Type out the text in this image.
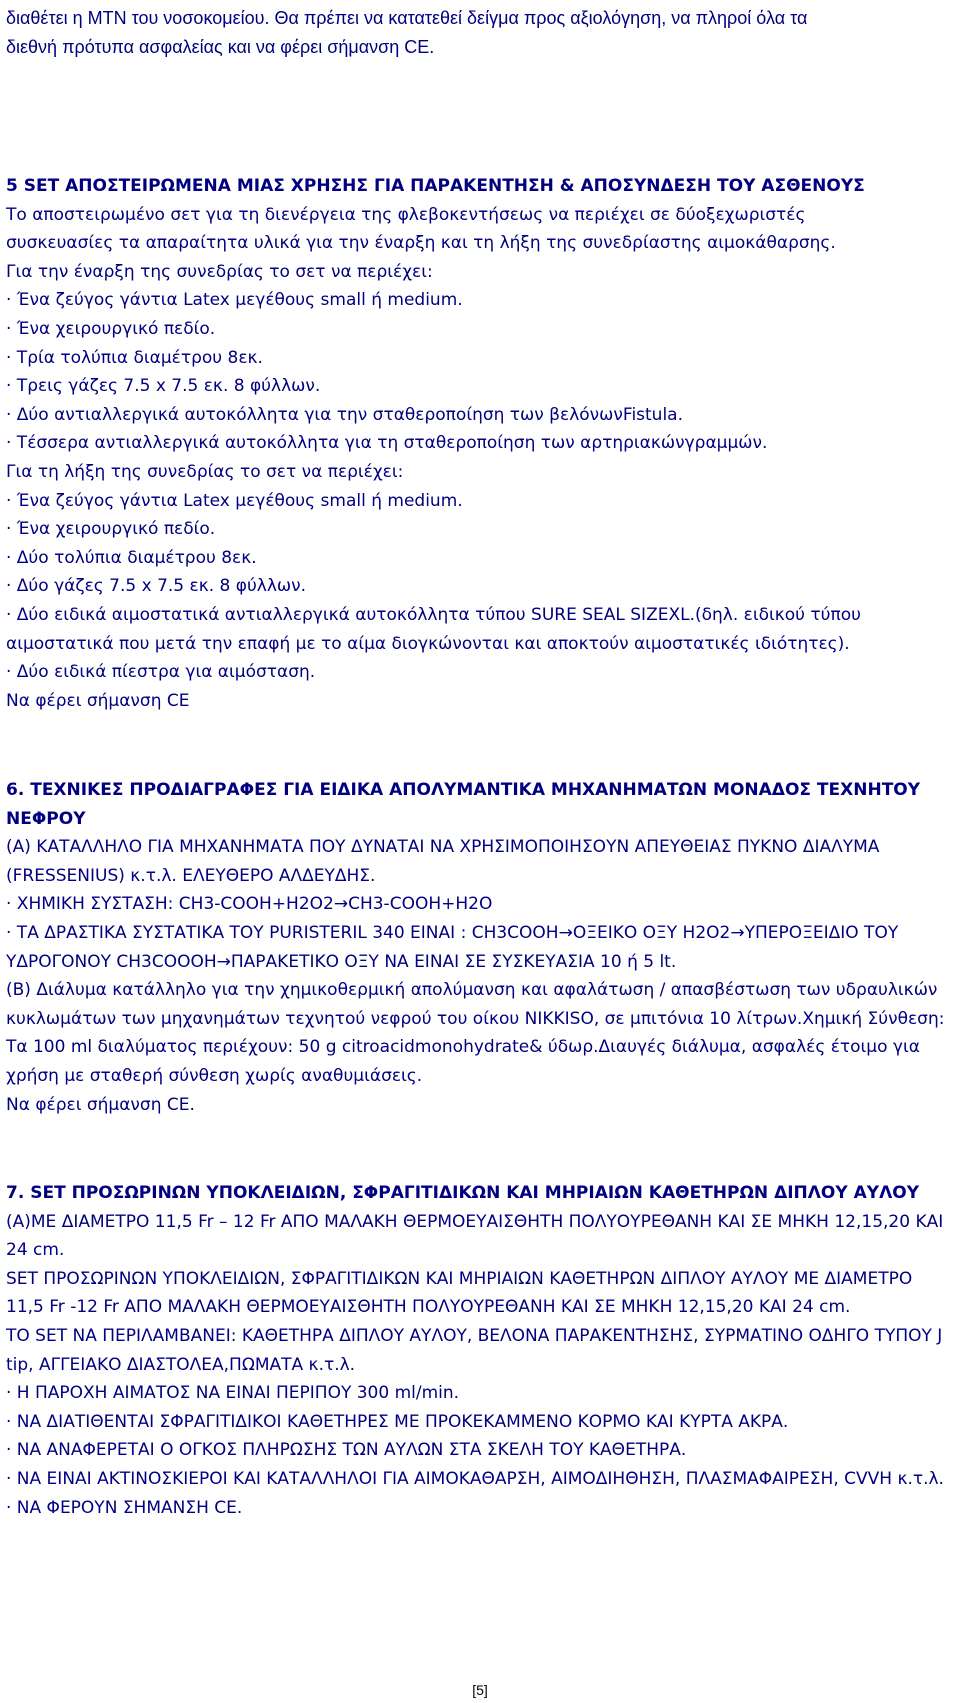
διαθέτει η ΜΤΝ του νοσοκομείου. Θα πρέπει να κατατεθεί δείγμα προς αξιολόγηση, να πληροί όλα τα

διεθνή πρότυπα ασφαλείας και να φέρει σήμανση CE.

5 SET ΑΠΟΣΤΕΙΡΩΜΕΝΑ ΜΙΑΣ ΧΡΗΣΗΣ ΓΙΑ ΠΑΡΑΚΕΝΤΗΣΗ & ΑΠΟΣΥΝΔΕΣΗ ΤΟΥ ΑΣΘΕΝΟΥΣ

Το αποστειρωμένο σετ για τη διενέργεια της φλεβοκεντήσεως να περιέχει σε δύοξεχωριστές

συσκευασίες τα απαραίτητα υλικά για την έναρξη και τη λήξη της συνεδρίαστης αιμοκάθαρσης.

Για την έναρξη της συνεδρίας το σετ να περιέχει:

· Ένα ζεύγος γάντια Latex μεγέθους small ή medium.

· Ένα χειρουργικό πεδίο.

· Τρία τολύπια διαμέτρου 8εκ.

· Τρεις γάζες 7.5 x 7.5 εκ. 8 φύλλων.

· Δύο αντιαλλεργικά αυτοκόλλητα για την σταθεροποίηση των βελόνωνFistula.

· Τέσσερα αντιαλλεργικά αυτοκόλλητα για τη σταθεροποίηση των αρτηριακώνγραμμών.

Για τη λήξη της συνεδρίας το σετ να περιέχει:

· Ένα ζεύγος γάντια Latex μεγέθους small ή medium.

· Ένα χειρουργικό πεδίο.

· Δύο τολύπια διαμέτρου 8εκ.

· Δύο γάζες 7.5 x 7.5 εκ. 8 φύλλων.

· Δύο ειδικά αιμοστατικά αντιαλλεργικά αυτοκόλλητα τύπου SURE SEAL SIZEXL.(δηλ. ειδικού τύπου αιμοστατικά που μετά την επαφή με το αίμα διογκώνονται και αποκτούν αιμοστατικές ιδιότητες).

· Δύο ειδικά πίεστρα για αιμόσταση.

Να φέρει σήμανση CE

6. ΤΕΧΝΙΚΕΣ ΠΡΟΔΙΑΓΡΑΦΕΣ ΓΙΑ ΕΙΔΙΚΑ ΑΠΟΛΥΜΑΝΤΙΚΑ ΜΗΧΑΝΗΜΑΤΩΝ ΜΟΝΑΔΟΣ ΤΕΧΝΗΤΟΥ ΝΕΦΡΟΥ

(Α) ΚΑΤΑΛΛΗΛΟ ΓΙΑ ΜΗΧΑΝΗΜΑΤΑ ΠΟΥ ΔΥΝΑΤΑΙ ΝΑ ΧΡΗΣΙΜΟΠΟΙΗΣΟΥΝ ΑΠΕΥΘΕΙΑΣ ΠΥΚΝΟ ΔΙΑΛΥΜΑ (FRESSENIUS) κ.τ.λ. ΕΛΕΥΘΕΡΟ ΑΛΔΕΥΔΗΣ.

· ΧΗΜΙΚΗ ΣΥΣΤΑΣΗ: CH3-COOH+H2O2→CH3-COOH+H2O

· ΤΑ ΔΡΑΣΤΙΚΑ ΣΥΣΤΑΤΙΚΑ ΤΟΥ PURISTERIL 340 ΕΙΝΑΙ : CH3COOH→ΟΞΕΙΚΟ ΟΞΥ H2O2→ΥΠΕΡΟΞΕΙΔΙΟ ΤΟΥ ΥΔΡΟΓΟΝΟΥ CH3COOOH→ΠΑΡΑΚΕΤΙΚΟ ΟΞΥ ΝΑ ΕΙΝΑΙ ΣΕ ΣΥΣΚΕΥΑΣΙΑ 10 ή 5 lt.

(Β) Διάλυμα κατάλληλο για την χημικοθερμική απολύμανση και αφαλάτωση / απασβέστωση των υδραυλικών κυκλωμάτων των μηχανημάτων τεχνητού νεφρού του οίκου NIKKISO, σε μπιτόνια 10 λίτρων.Χημική Σύνθεση: Τα 100 ml διαλύματος περιέχουν: 50 g citroacidmonohydrate& ύδωρ.Διαυγές διάλυμα, ασφαλές έτοιμο για χρήση με σταθερή σύνθεση χωρίς αναθυμιάσεις.

Να φέρει σήμανση CE.

7. SET ΠΡΟΣΩΡΙΝΩΝ ΥΠΟΚΛΕΙΔΙΩΝ, ΣΦΡΑΓΙΤΙΔΙΚΩΝ ΚΑΙ ΜΗΡΙΑΙΩΝ ΚΑΘΕΤΗΡΩΝ ΔΙΠΛΟΥ ΑΥΛΟΥ

(Α)ΜΕ ΔΙΑΜΕΤΡΟ 11,5 Fr – 12 Fr ΑΠΟ ΜΑΛΑΚΗ ΘΕΡΜΟΕΥΑΙΣΘΗΤΗ ΠΟΛΥΟΥΡΕΘΑΝΗ ΚΑΙ ΣΕ ΜΗΚΗ 12,15,20 ΚΑΙ 24 cm.

SET ΠΡΟΣΩΡΙΝΩΝ ΥΠΟΚΛΕΙΔΙΩΝ, ΣΦΡΑΓΙΤΙΔΙΚΩΝ ΚΑΙ ΜΗΡΙΑΙΩΝ ΚΑΘΕΤΗΡΩΝ ΔΙΠΛΟΥ ΑΥΛΟΥ ΜΕ ΔΙΑΜΕΤΡΟ 11,5 Fr -12 Fr ΑΠΟ ΜΑΛΑΚΗ ΘΕΡΜΟΕΥΑΙΣΘΗΤΗ ΠΟΛΥΟΥΡΕΘΑΝΗ ΚΑΙ ΣΕ ΜΗΚΗ 12,15,20 ΚΑΙ 24 cm.

ΤΟ SET ΝΑ ΠΕΡΙΛΑΜΒΑΝΕΙ: ΚΑΘΕΤΗΡΑ ΔΙΠΛΟΥ ΑΥΛΟΥ, ΒΕΛΟΝΑ ΠΑΡΑΚΕΝΤΗΣΗΣ, ΣΥΡΜΑΤΙΝΟ ΟΔΗΓΟ ΤΥΠΟΥ J tip, ΑΓΓΕΙΑΚΟ ΔΙΑΣΤΟΛΕΑ,ΠΩΜΑΤΑ κ.τ.λ.

· Η ΠΑΡΟΧΗ ΑΙΜΑΤΟΣ ΝΑ ΕΙΝΑΙ ΠΕΡΙΠΟΥ 300 ml/min.

· ΝΑ ΔΙΑΤΙΘΕΝΤΑΙ ΣΦΡΑΓΙΤΙΔΙΚΟΙ ΚΑΘΕΤΗΡΕΣ ΜΕ ΠΡΟΚΕΚΑΜΜΕΝΟ ΚΟΡΜΟ ΚΑΙ ΚΥΡΤΑ ΑΚΡΑ.

· ΝΑ ΑΝΑΦΕΡΕΤΑΙ Ο ΟΓΚΟΣ ΠΛΗΡΩΣΗΣ ΤΩΝ ΑΥΛΩΝ ΣΤΑ ΣΚΕΛΗ ΤΟΥ ΚΑΘΕΤΗΡΑ.

· ΝΑ ΕΙΝΑΙ ΑΚΤΙΝΟΣΚΙΕΡΟΙ ΚΑΙ ΚΑΤΑΛΛΗΛΟΙ ΓΙΑ ΑΙΜΟΚΑΘΑΡΣΗ, ΑΙΜΟΔΙΗΘΗΣΗ, ΠΛΑΣΜΑΦΑΙΡΕΣΗ, CVVH κ.τ.λ.

· ΝΑ ΦΕΡΟΥΝ ΣΗΜΑΝΣΗ CE.

[5]
